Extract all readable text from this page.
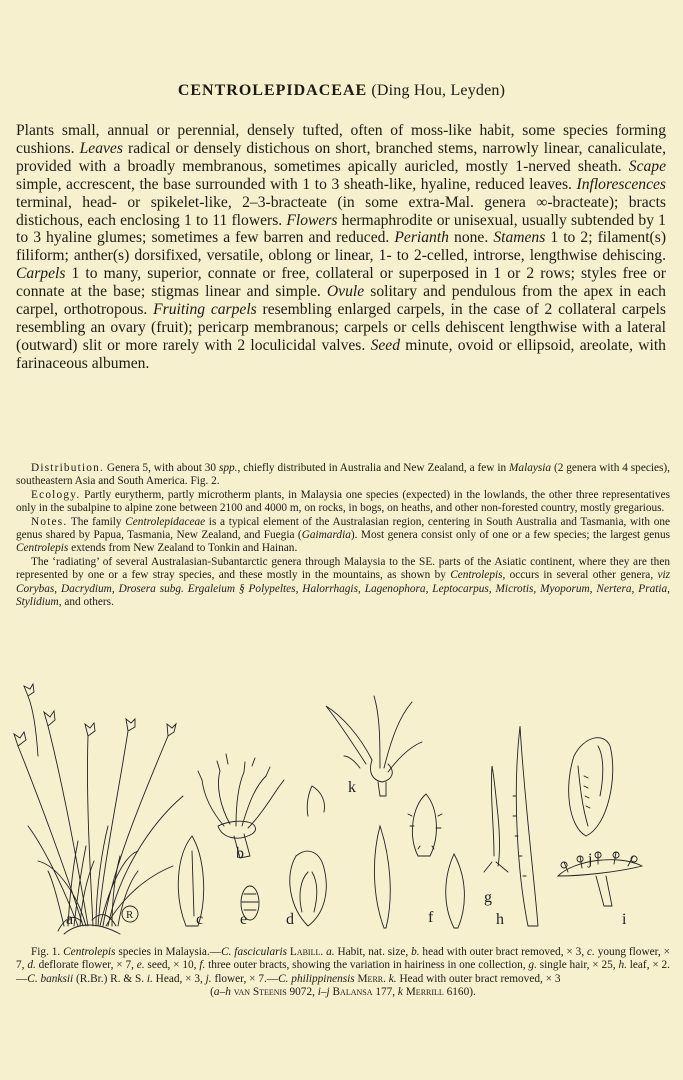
CENTROLEPIDACEAE (Ding Hou, Leyden)

Plants small, annual or perennial, densely tufted, often of moss-like habit, some species forming cushions. Leaves radical or densely distichous on short, branched stems, narrowly linear, canaliculate, provided with a broadly membranous, sometimes apically auricled, mostly 1-nerved sheath. Scape simple, accrescent, the base surrounded with 1 to 3 sheath-like, hyaline, reduced leaves. Inflorescences terminal, head- or spikelet-like, 2–3-bracteate (in some extra-Mal. genera ∞-bracteate); bracts distichous, each enclosing 1 to 11 flowers. Flowers hermaphrodite or unisexual, usually subtended by 1 to 3 hyaline glumes; sometimes a few barren and reduced. Perianth none. Stamens 1 to 2; filament(s) filiform; anther(s) dorsifixed, versatile, oblong or linear, 1- to 2-celled, introrse, lengthwise dehiscing. Carpels 1 to many, superior, connate or free, collateral or superposed in 1 or 2 rows; styles free or connate at the base; stigmas linear and simple. Ovule solitary and pendulous from the apex in each carpel, orthotropous. Fruiting carpels resembling enlarged carpels, in the case of 2 collateral carpels resembling an ovary (fruit); pericarp membranous; carpels or cells dehiscent lengthwise with a lateral (outward) slit or more rarely with 2 loculicidal valves. Seed minute, ovoid or ellipsoid, areolate, with farinaceous albumen.

Distribution. Genera 5, with about 30 spp., chiefly distributed in Australia and New Zealand, a few in Malaysia (2 genera with 4 species), southeastern Asia and South America. Fig. 2.

Ecology. Partly eurytherm, partly microtherm plants, in Malaysia one species (expected) in the lowlands, the other three representatives only in the subalpine to alpine zone between 2100 and 4000 m, on rocks, in bogs, on heaths, and other non-forested country, mostly gregarious.

Notes. The family Centrolepidaceae is a typical element of the Australasian region, centering in South Australia and Tasmania, with one genus shared by Papua, Tasmania, New Zealand, and Fuegia (Gaimardia). Most genera consist only of one or a few species; the largest genus Centrolepis extends from New Zealand to Tonkin and Hainan.

The ‘radiating’ of several Australasian-Subantarctic genera through Malaysia to the SE. parts of the Asiatic continent, where they are then represented by one or a few stray species, and these mostly in the mountains, as shown by Centrolepis, occurs in several other genera, viz Corybas, Dacrydium, Drosera subg. Ergaleium § Polypeltes, Halorrhagis, Lagenophora, Leptocarpus, Microtis, Myoporum, Nertera, Pratia, Stylidium, and others.

R
a
b
c	d
e	f
g
h	i
j
k

Fig. 1. Centrolepis species in Malaysia.—C. fascicularis Labill. a. Habit, nat. size, b. head with outer bract removed, × 3, c. young flower, × 7, d. deflorate flower, × 7, e. seed, × 10, f. three outer bracts, showing the variation in hairiness in one collection, g. single hair, × 25, h. leaf, × 2.—C. banksii (R.Br.) R. & S. i. Head, × 3, j. flower, × 7.—C. philippinensis Merr. k. Head with outer bract removed, × 3

(a–h van Steenis 9072, i–j Balansa 177, k Merrill 6160).
